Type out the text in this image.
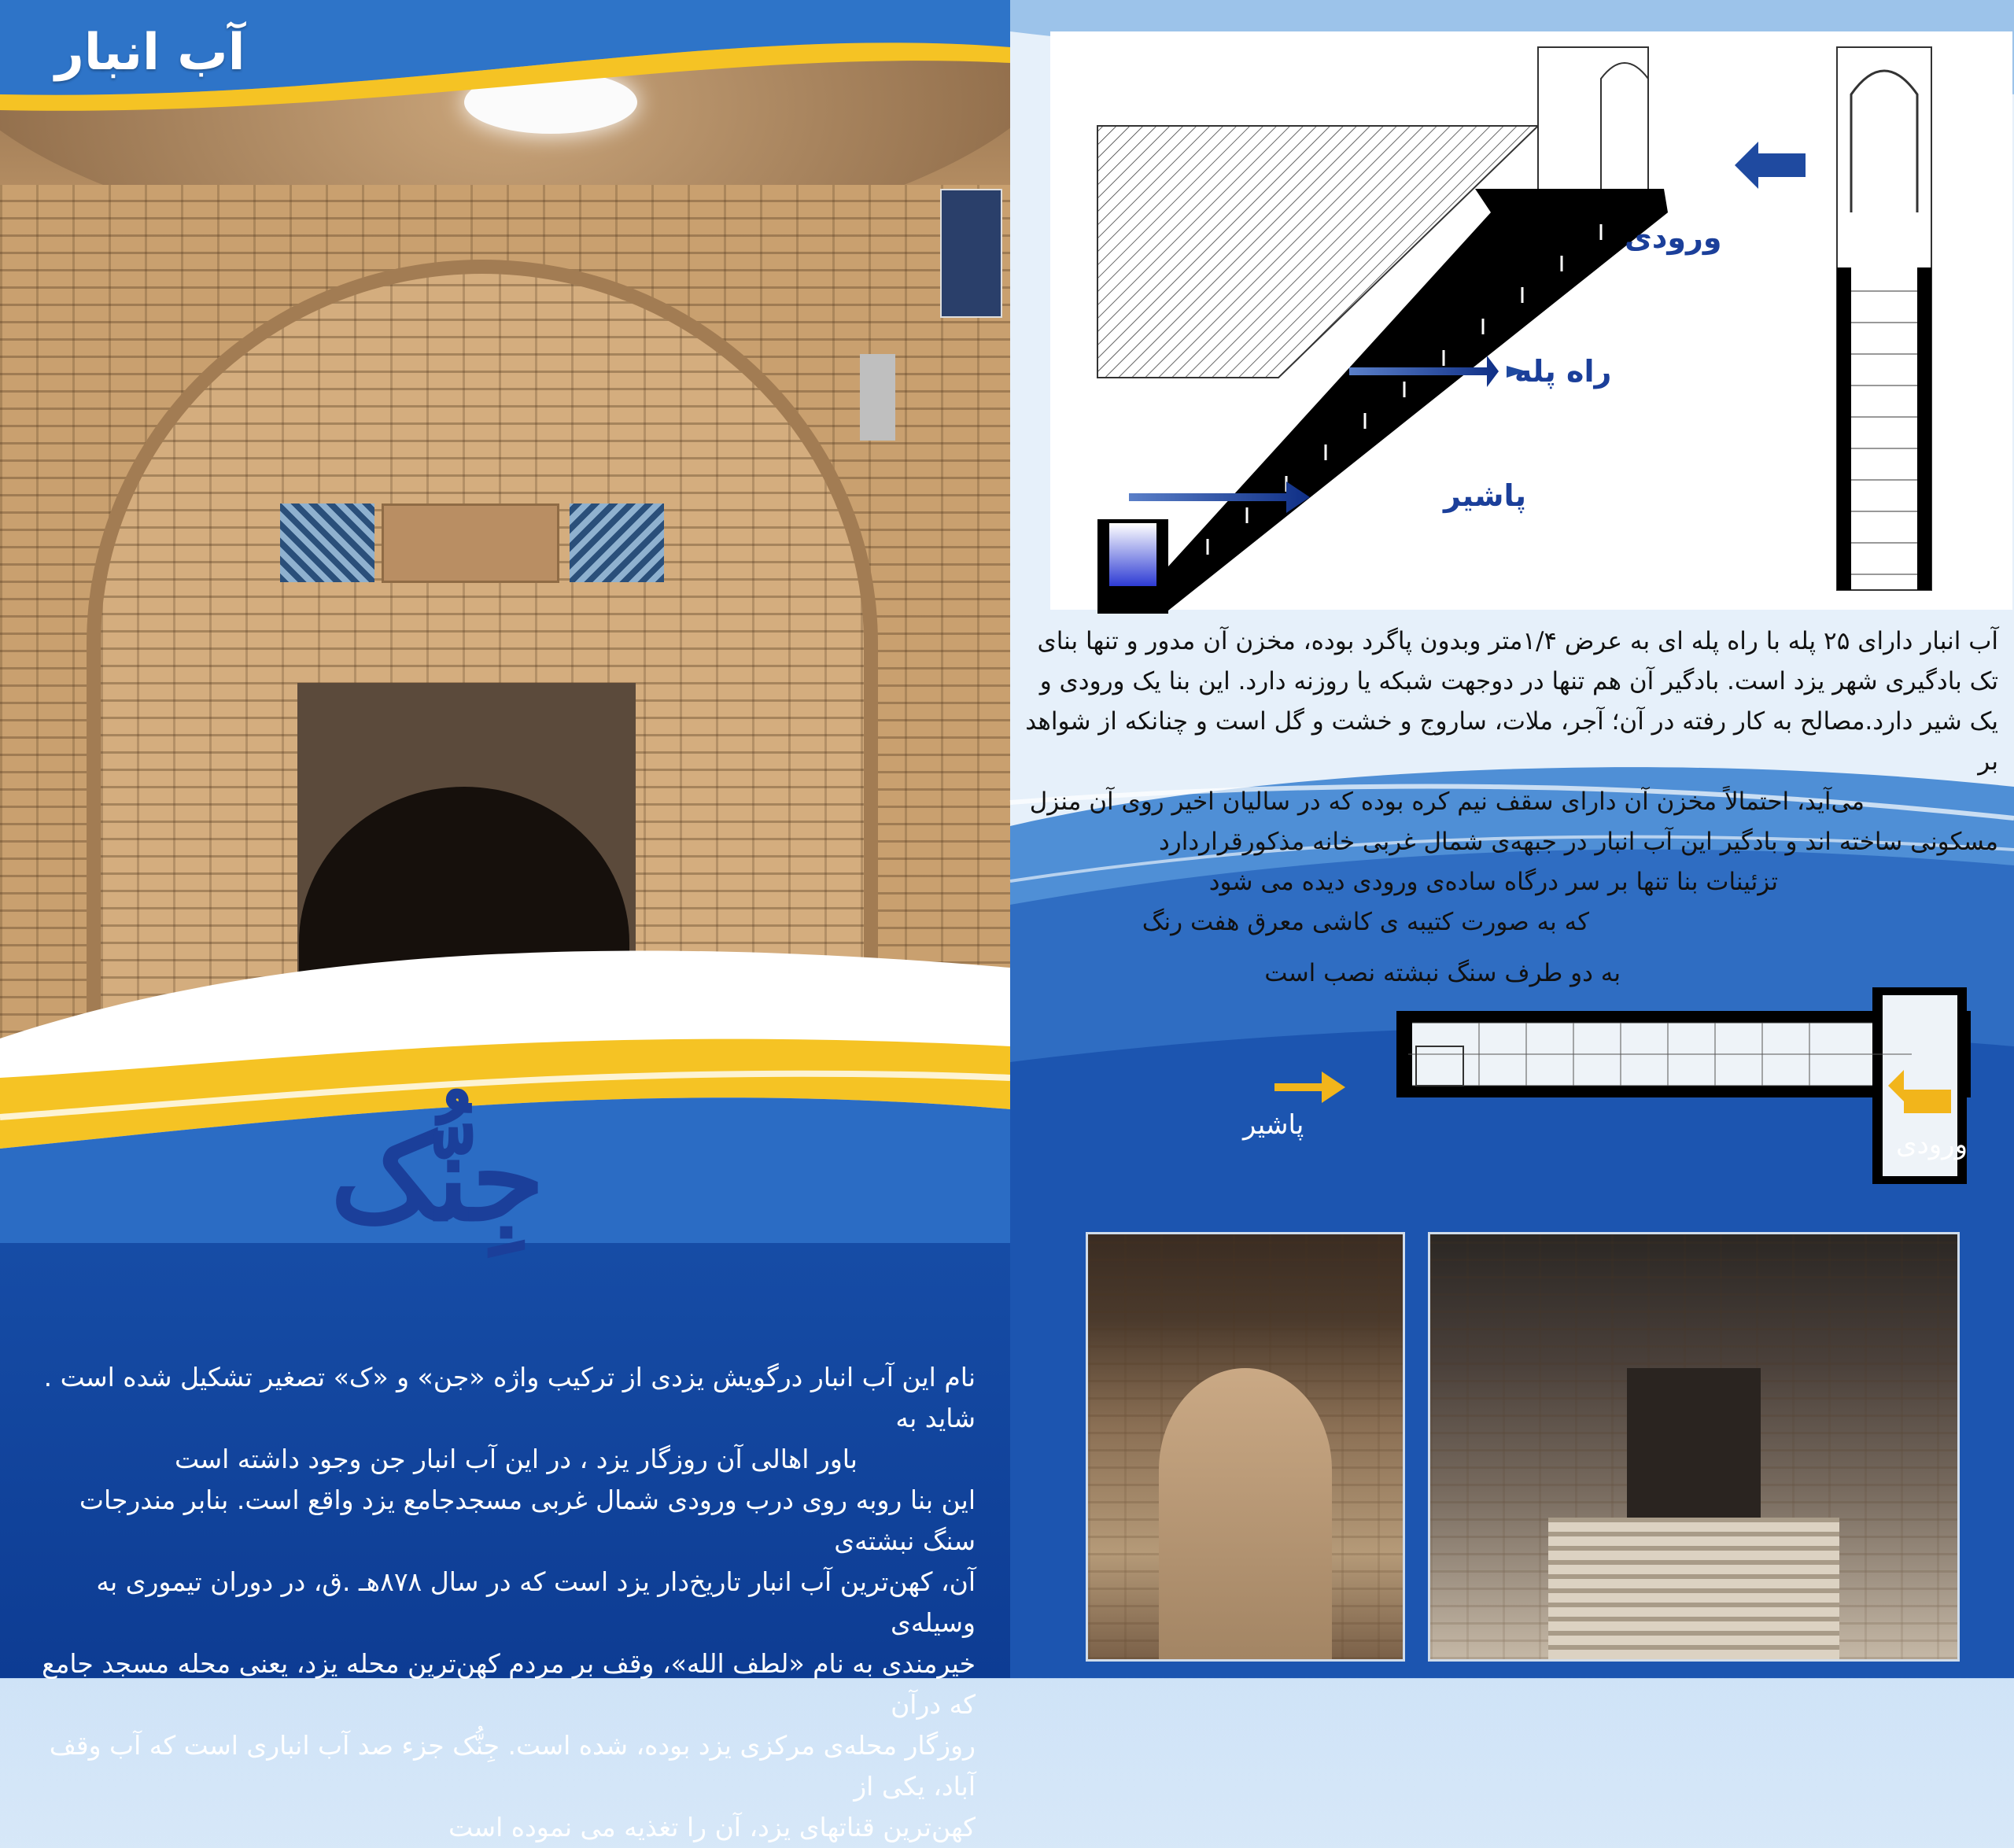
آب انبار
جِنُّک
نام این آب انبار درگویش یزدی از ترکیب واژه «جن» و «ک» تصغیر تشکیل شده است . شاید به
باور اهالی آن روزگار یزد ، در این آب انبار جن وجود داشته است
این بنا روبه روی درب ورودی شمال غربی مسجدجامع یزد واقع است. بنابر مندرجات سنگ نبشته‌ی
آن، کهن‌ترین آب انبار تاریخ‌دار یزد است که در سال ۸۷۸هـ .ق، در دوران تیموری به وسیله‌ی
خیرمندی به نام «لطف الله»، وقف بر مردم کهن‌ترین محله یزد، یعنی محله مسجد جامع که درآن
روزگار محله‌ی مرکزی یزد بوده، شده است. جِنُّک جزء صد آب انباری است که آب وقف آباد، یکی از
کهن‌ترین قناتهای یزد، آن را تغذیه می نموده است
ورودی
راه پله
پاشیر
آب انبار دارای ۲۵ پله با راه پله ای به عرض ۱/۴متر وبدون پاگرد بوده، مخزن آن مدور و تنها بنای
تک بادگیری شهر یزد است. بادگیر آن هم تنها در دوجهت شبکه یا روزنه دارد. این بنا یک ورودی و
یک شیر دارد.مصالح به کار رفته در آن؛ آجر، ملات، ساروج و خشت و گل است و چنانکه از شواهد بر
می‌آید، احتمالاً مخزن آن دارای سقف نیم کره بوده که در سالیان اخیر روی آن منزل
مسکونی ساخته اند و بادگیر این آب انبار در جبهه‌ی شمال غربی خانه مذکورقراردارد
تزئینات بنا تنها بر سر درگاه ساده‌ی ورودی دیده می شود
که به صورت کتیبه ی کاشی معرق هفت رنگ
به دو طرف سنگ نبشته نصب است
پاشیر
ورودی
